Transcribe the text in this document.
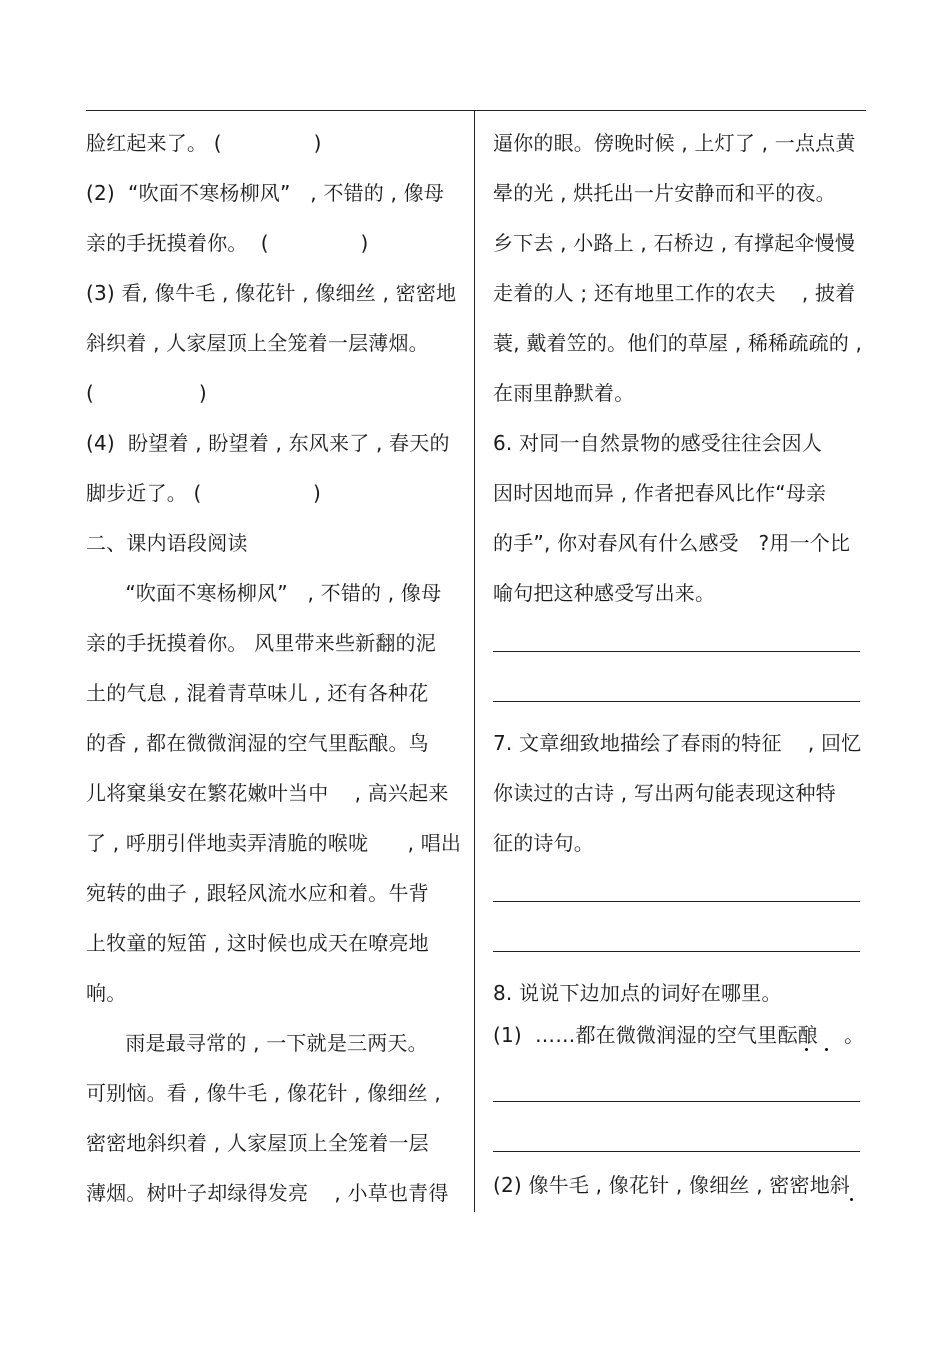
脸红起来了。 (              )
(2)  “吹面不寒杨柳风”   , 不错的 , 像母
亲的手抚摸着你。  (              )
(3) 看, 像牛毛 , 像花针 , 像细丝 , 密密地
斜织着 , 人家屋顶上全笼着一层薄烟。
(                )
(4)  盼望着 , 盼望着 , 东风来了 , 春天的
脚步近了。 (                 )
二、课内语段阅读
“吹面不寒杨柳风”   , 不错的 , 像母
亲的手抚摸着你。 风里带来些新翻的泥
土的气息 , 混着青草味儿 , 还有各种花
的香 , 都在微微润湿的空气里酝酿。鸟
儿将窠巢安在繁花嫩叶当中    , 高兴起来
了 , 呼朋引伴地卖弄清脆的喉咙      , 唱出
宛转的曲子 , 跟轻风流水应和着。牛背
上牧童的短笛 , 这时候也成天在嘹亮地
响。
雨是最寻常的 , 一下就是三两天。
可别恼。看 , 像牛毛 , 像花针 , 像细丝 ,
密密地斜织着 , 人家屋顶上全笼着一层
薄烟。树叶子却绿得发亮    , 小草也青得
逼你的眼。傍晚时候 , 上灯了 , 一点点黄
晕的光 , 烘托出一片安静而和平的夜。
乡下去 , 小路上 , 石桥边 , 有撑起伞慢慢
走着的人 ; 还有地里工作的农夫    , 披着
蓑, 戴着笠的。他们的草屋 , 稀稀疏疏的 ,
在雨里静默着。
6. 对同一自然景物的感受往往会因人
因时因地而异 , 作者把春风比作“母亲
的手”, 你对春风有什么感受   ?用一个比
喻句把这种感受写出来。
7. 文章细致地描绘了春雨的特征    , 回忆
你读过的古诗 , 写出两句能表现这种特
征的诗句。
8. 说说下边加点的词好在哪里。
(1)  ……都在微微润湿的空气里酝酿    。
(2) 像牛毛 , 像花针 , 像细丝 , 密密地斜
